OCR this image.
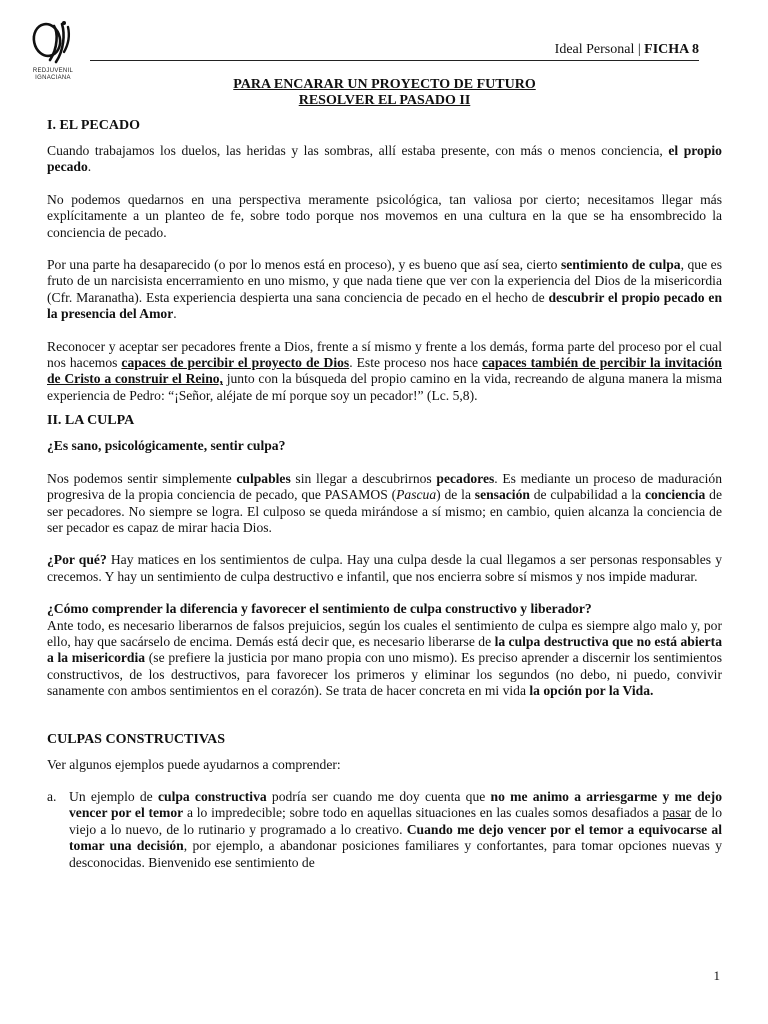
REDJUVENIL
IGNACIANA
Ideal Personal | FICHA 8
PARA ENCARAR UN PROYECTO DE FUTURO
RESOLVER EL PASADO II
I. EL PECADO

Cuando trabajamos los duelos, las heridas y las sombras, allí estaba presente, con más o menos conciencia, el propio pecado.

No podemos quedarnos en una perspectiva meramente psicológica, tan valiosa por cierto; necesitamos llegar más explícitamente a un planteo de fe, sobre todo porque nos movemos en una cultura en la que se ha ensombrecido la conciencia de pecado.

Por una parte ha desaparecido (o por lo menos está en proceso), y es bueno que así sea, cierto sentimiento de culpa, que es fruto de un narcisista encerramiento en uno mismo, y que nada tiene que ver con la experiencia del Dios de la misericordia (Cfr. Maranatha). Esta experiencia despierta una sana conciencia de pecado en el hecho de descubrir el propio pecado en la presencia del Amor.

Reconocer y aceptar ser pecadores frente a Dios, frente a sí mismo y frente a los demás, forma parte del proceso por el cual nos hacemos capaces de percibir el proyecto de Dios. Este proceso nos hace capaces también de percibir la invitación de Cristo a construir el Reino, junto con la búsqueda del propio camino en la vida, recreando de alguna manera la misma experiencia de Pedro: “¡Señor, aléjate de mí porque soy un pecador!” (Lc. 5,8).

II. LA CULPA

¿Es sano, psicológicamente, sentir culpa?

Nos podemos sentir simplemente culpables sin llegar a descubrirnos pecadores. Es mediante un proceso de maduración progresiva de la propia conciencia de pecado, que PASAMOS (Pascua) de la sensación de culpabilidad a la conciencia de ser pecadores. No siempre se logra. El culposo se queda mirándose a sí mismo; en cambio, quien alcanza la conciencia de ser pecador es capaz de mirar hacia Dios.

¿Por qué? Hay matices en los sentimientos de culpa. Hay una culpa desde la cual llegamos a ser personas responsables y crecemos. Y hay un sentimiento de culpa destructivo e infantil, que nos encierra sobre sí mismos y nos impide madurar.

¿Cómo comprender la diferencia y favorecer el sentimiento de culpa constructivo y liberador?

Ante todo, es necesario liberarnos de falsos prejuicios, según los cuales el sentimiento de culpa es siempre algo malo y, por ello, hay que sacárselo de encima. Demás está decir que, es necesario liberarse de la culpa destructiva que no está abierta a la misericordia (se prefiere la justicia por mano propia con uno mismo). Es preciso aprender a discernir los sentimientos constructivos, de los destructivos, para favorecer los primeros y eliminar los segundos (no debo, ni puedo, convivir sanamente con ambos sentimientos en el corazón). Se trata de hacer concreta en mi vida la opción por la Vida.

CULPAS CONSTRUCTIVAS

Ver algunos ejemplos puede ayudarnos a comprender:

a. Un ejemplo de culpa constructiva podría ser cuando me doy cuenta que no me animo a arriesgarme y me dejo vencer por el temor a lo impredecible; sobre todo en aquellas situaciones en las cuales somos desafiados a pasar de lo viejo a lo nuevo, de lo rutinario y programado a lo creativo. Cuando me dejo vencer por el temor a equivocarse al tomar una decisión, por ejemplo, a abandonar posiciones familiares y confortantes, para tomar opciones nuevas y desconocidas. Bienvenido ese sentimiento de
1
